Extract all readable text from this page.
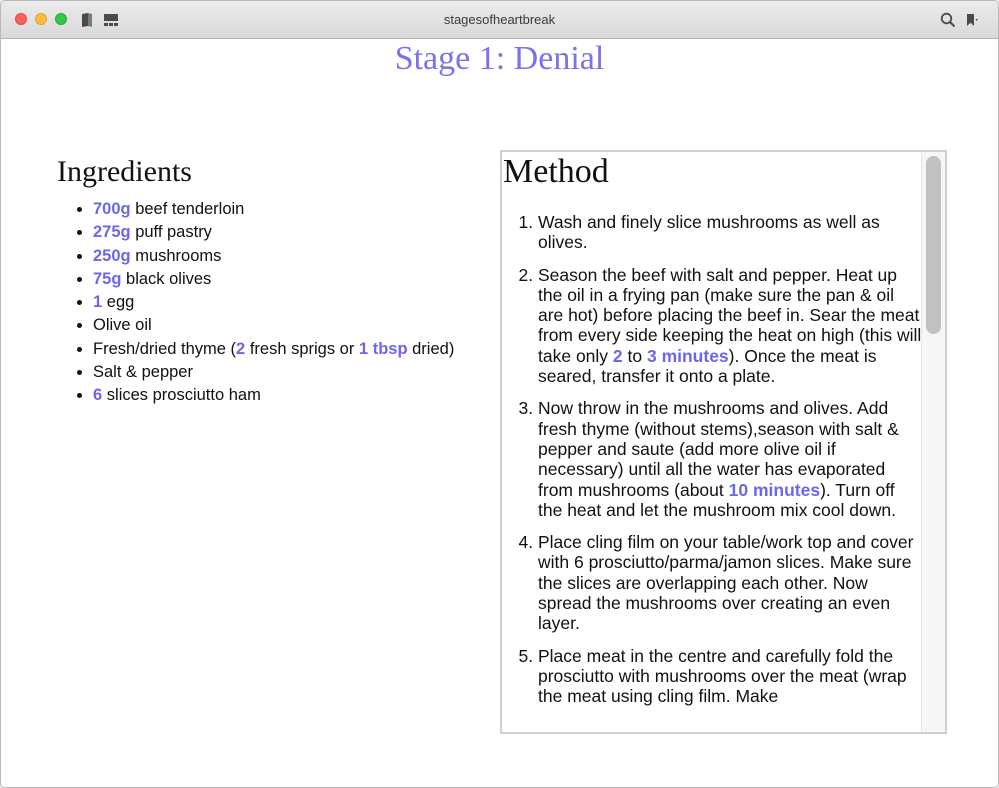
stagesofheartbreak
Stage 1: Denial
Ingredients
• 700g beef tenderloin
• 275g puff pastry
• 250g mushrooms
• 75g black olives
• 1 egg
• Olive oil
• Fresh/dried thyme (2 fresh sprigs or 1 tbsp dried)
• Salt & pepper
• 6 slices prosciutto ham
Method
1. Wash and finely slice mushrooms as well as olives.
2. Season the beef with salt and pepper. Heat up the oil in a frying pan (make sure the pan & oil are hot) before placing the beef in. Sear the meat from every side keeping the heat on high (this will take only 2 to 3 minutes). Once the meat is seared, transfer it onto a plate.
3. Now throw in the mushrooms and olives. Add fresh thyme (without stems),season with salt & pepper and saute (add more olive oil if necessary) until all the water has evaporated from mushrooms (about 10 minutes). Turn off the heat and let the mushroom mix cool down.
4. Place cling film on your table/work top and cover with 6 prosciutto/parma/jamon slices. Make sure the slices are overlapping each other. Now spread the mushrooms over creating an even layer.
5. Place meat in the centre and carefully fold the prosciutto with mushrooms over the meat (wrap the meat using cling film. Make
